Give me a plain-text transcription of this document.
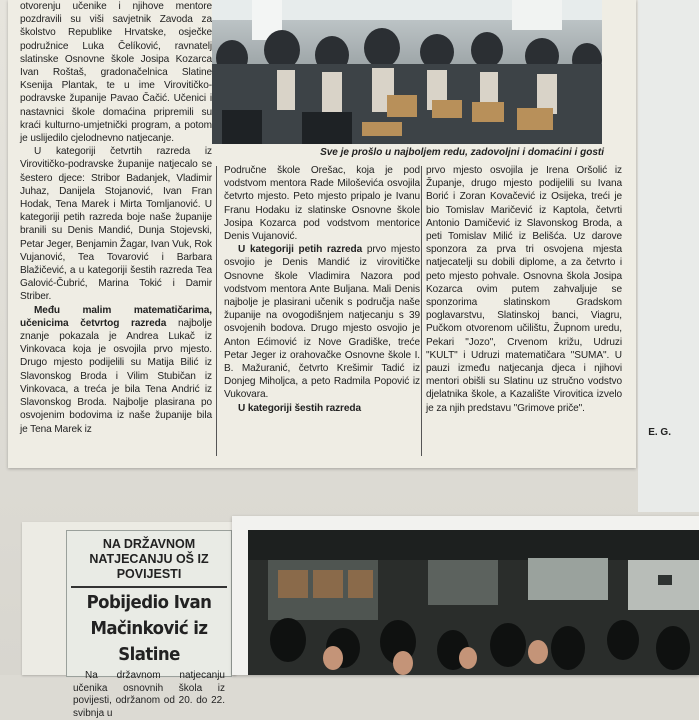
otvorenju učenike i njihove mentore pozdravili su viši savjetnik Zavoda za školstvo Republike Hrvatske, osječke podružnice Luka Čelíković, ravnatelj slatinske Osnovne škole Josipa Kozarca Ivan Roštaš, gradonačelnica Slatine Ksenija Plantak, te u ime Virovitičko-podravske županije Pavao Čačić. Učenici i nastavnici škole domaćina pripremili su kraći kulturno-umjetnički program, a potom je uslijedilo cjelodnevno natjecanje.

U kategoriji četvrtih razreda iz Virovitičko-podravske županije natjecalo se šestero djece: Stribor Badanjek, Vladimir Juhaz, Danijela Stojanović, Ivan Fran Hodak, Tena Marek i Mirta Tomljanović. U kategoriji petih razreda boje naše županije branili su Denis Mandić, Dunja Stojevski, Petar Jeger, Benjamin Žagar, Ivan Vuk, Rok Vujanović, Tea Tovarović i Barbara Blažičević, a u kategoriji šestih razreda Tea Galović-Čubrić, Marina Tokić i Damir Striber.

Među malim matematičarima, učenicima četvrtog razreda najbolje znanje pokazala je Andrea Lukač iz Vinkovaca koja je osvojila prvo mjesto. Drugo mjesto podijelili su Matija Bilić iz Slavonskog Broda i Vilim Stubičan iz Vinkovaca, a treća je bila Tena Andrić iz Slavonskog Broda. Najbolje plasirana po osvojenim bodovima iz naše županije bila je Tena Marek iz

Područne škole Orešac, koja je pod vodstvom mentora Rade Miloševića osvojila četvrto mjesto. Peto mjesto pripalo je Ivanu Franu Hodaku iz slatinske Osnovne škole Josipa Kozarca pod vodstvom mentorice Denis Vujanović.

U kategoriji petih razreda prvo mjesto osvojio je Denis Mandić iz virovitičke Osnovne škole Vladimira Nazora pod vodstvom mentora Ante Buljana. Mali Denis najbolje je plasirani učenik s područja naše županije na ovogodišnjem natjecanju s 39 osvojenih bodova. Drugo mjesto osvojio je Anton Ećimović iz Nove Gradiške, treće Petar Jeger iz orahovačke Osnovne škole I. B. Mažuranić, četvrto Krešimir Tadić iz Donjeg Miholjca, a peto Radmila Popović iz Vukovara.

U kategoriji šestih razreda

prvo mjesto osvojila je Irena Oršolić iz Županje, drugo mjesto podijelili su Ivana Borić i Zoran Kovačević iz Osijeka, treći je bio Tomislav Maričević iz Kaptola, četvrti Antonio Damičević iz Slavonskog Broda, a peti Tomislav Milić iz Belišća. Uz darove sponzora za prva tri osvojena mjesta natjecatelji su dobili diplome, a za četvrto i peto mjesto pohvale. Osnovna škola Josipa Kozarca ovim putem zahvaljuje se sponzorima slatinskom Gradskom poglavarstvu, Slatinskoj banci, Viagru, Pučkom otvorenom učilištu, Župnom uredu, Pekari "Jozo", Crvenom križu, Udruzi "KULT" i Udruzi matematičara "SUMA". U pauzi između natjecanja djeca i njihovi mentori obišli su Slatinu uz stručno vodstvo djelatnika škole, a Kazalište Virovitica izvelo je za njih predstavu "Grimove priče".

E. G.
Sve je prošlo u najboljem redu, zadovoljni i domaćini i gosti
NA DRŽAVNOM NATJECANJU OŠ IZ POVIJESTI
Pobijedio Ivan Mačinković iz Slatine
Na državnom natjecanju učenika osnovnih škola iz povijesti, održanom od 20. do 22. svibnja u
